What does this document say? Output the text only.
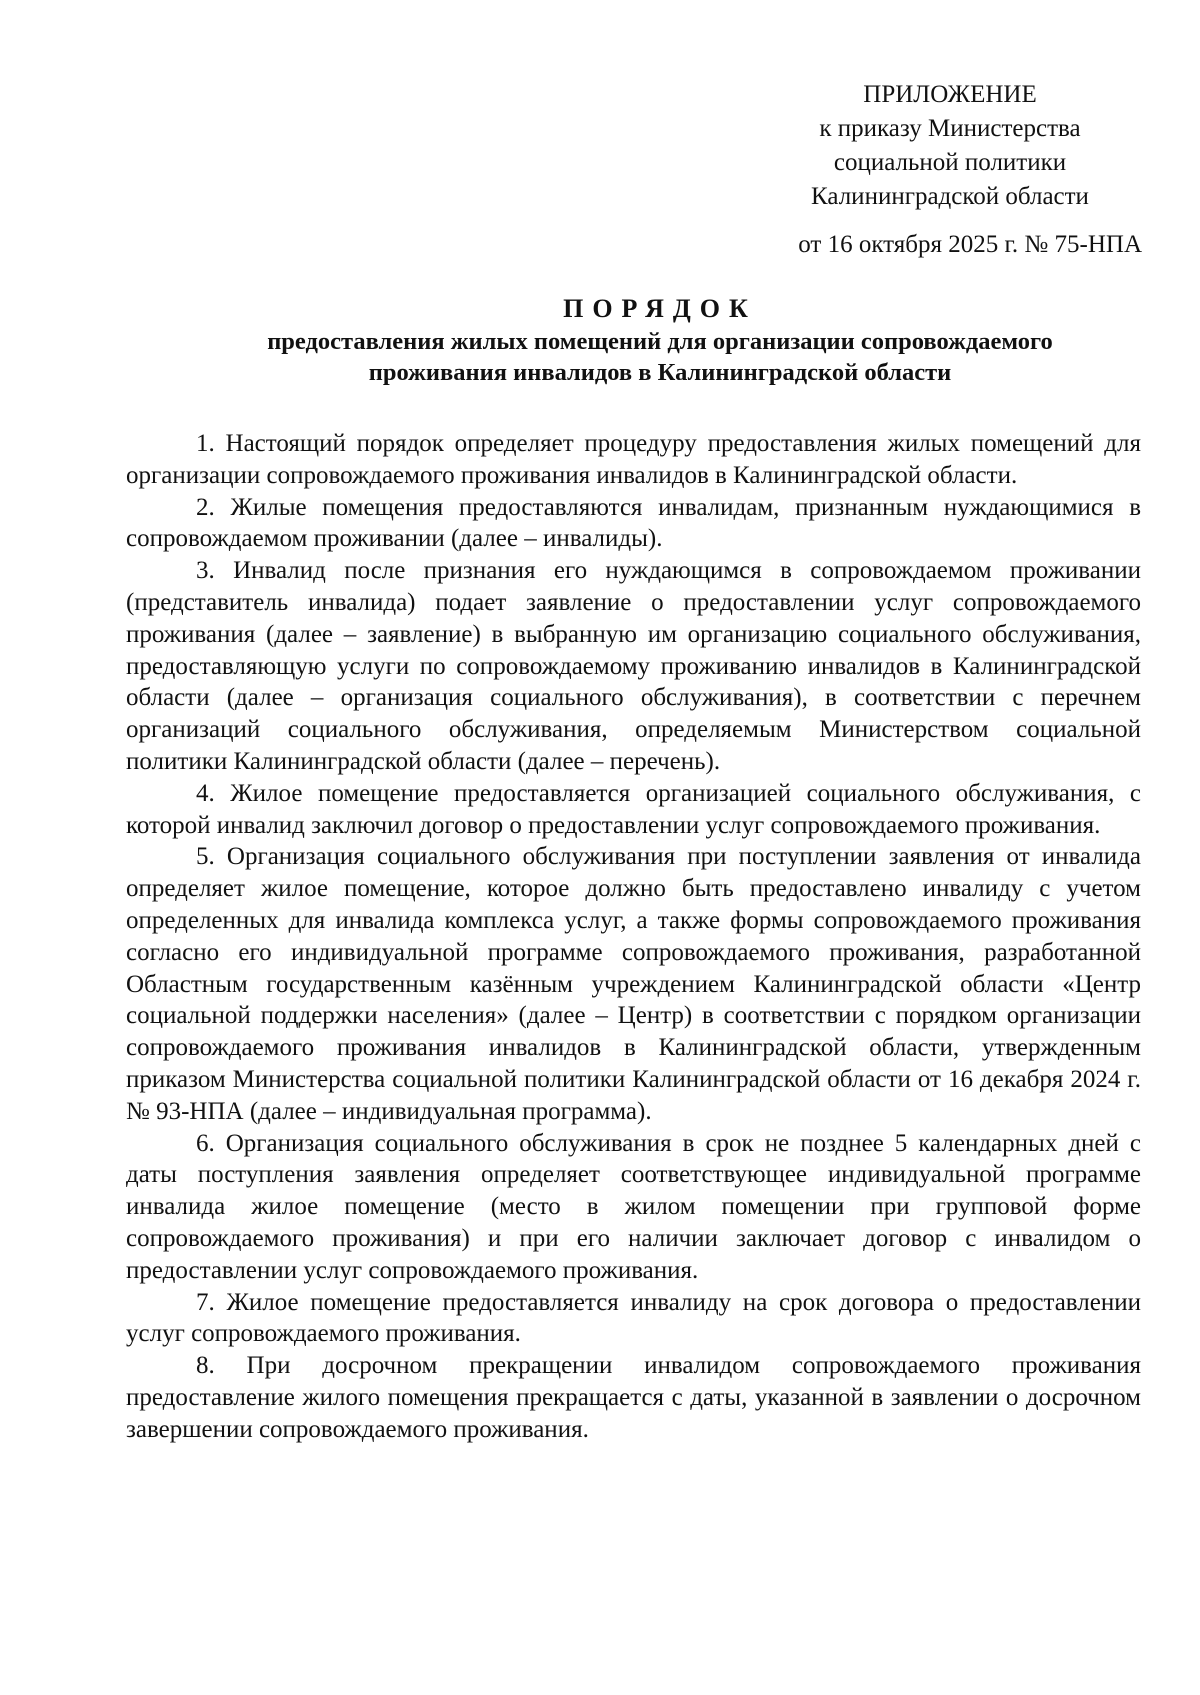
ПРИЛОЖЕНИЕ
к приказу Министерства
социальной политики
Калининградской области
от 16 октября 2025 г. № 75-НПА
ПОРЯДОК
предоставления жилых помещений для организации сопровождаемого
проживания инвалидов в Калининградской области

1. Настоящий порядок определяет процедуру предоставления жилых помещений для организации сопровождаемого проживания инвалидов в Калининградской области.

2. Жилые помещения предоставляются инвалидам, признанным нуждающимися в сопровождаемом проживании (далее – инвалиды).

3. Инвалид после признания его нуждающимся в сопровождаемом проживании (представитель инвалида) подает заявление о предоставлении услуг сопровождаемого проживания (далее – заявление) в выбранную им организацию социального обслуживания, предоставляющую услуги по сопровождаемому проживанию инвалидов в Калининградской области (далее – организация социального обслуживания), в соответствии с перечнем организаций социального обслуживания, определяемым Министерством социальной политики Калининградской области (далее – перечень).

4. Жилое помещение предоставляется организацией социального обслуживания, с которой инвалид заключил договор о предоставлении услуг сопровождаемого проживания.

5. Организация социального обслуживания при поступлении заявления от инвалида определяет жилое помещение, которое должно быть предоставлено инвалиду с учетом определенных для инвалида комплекса услуг, а также формы сопровождаемого проживания согласно его индивидуальной программе сопровождаемого проживания, разработанной Областным государственным казённым учреждением Калининградской области «Центр социальной поддержки населения» (далее – Центр) в соответствии с порядком организации сопровождаемого проживания инвалидов в Калининградской области, утвержденным приказом Министерства социальной политики Калининградской области от 16 декабря 2024 г. № 93-НПА (далее – индивидуальная программа).

6. Организация социального обслуживания в срок не позднее 5 календарных дней с даты поступления заявления определяет соответствующее индивидуальной программе инвалида жилое помещение (место в жилом помещении при групповой форме сопровождаемого проживания) и при его наличии заключает договор с инвалидом о предоставлении услуг сопровождаемого проживания.

7. Жилое помещение предоставляется инвалиду на срок договора о предоставлении услуг сопровождаемого проживания.

8. При досрочном прекращении инвалидом сопровождаемого проживания предоставление жилого помещения прекращается с даты, указанной в заявлении о досрочном завершении сопровождаемого проживания.
